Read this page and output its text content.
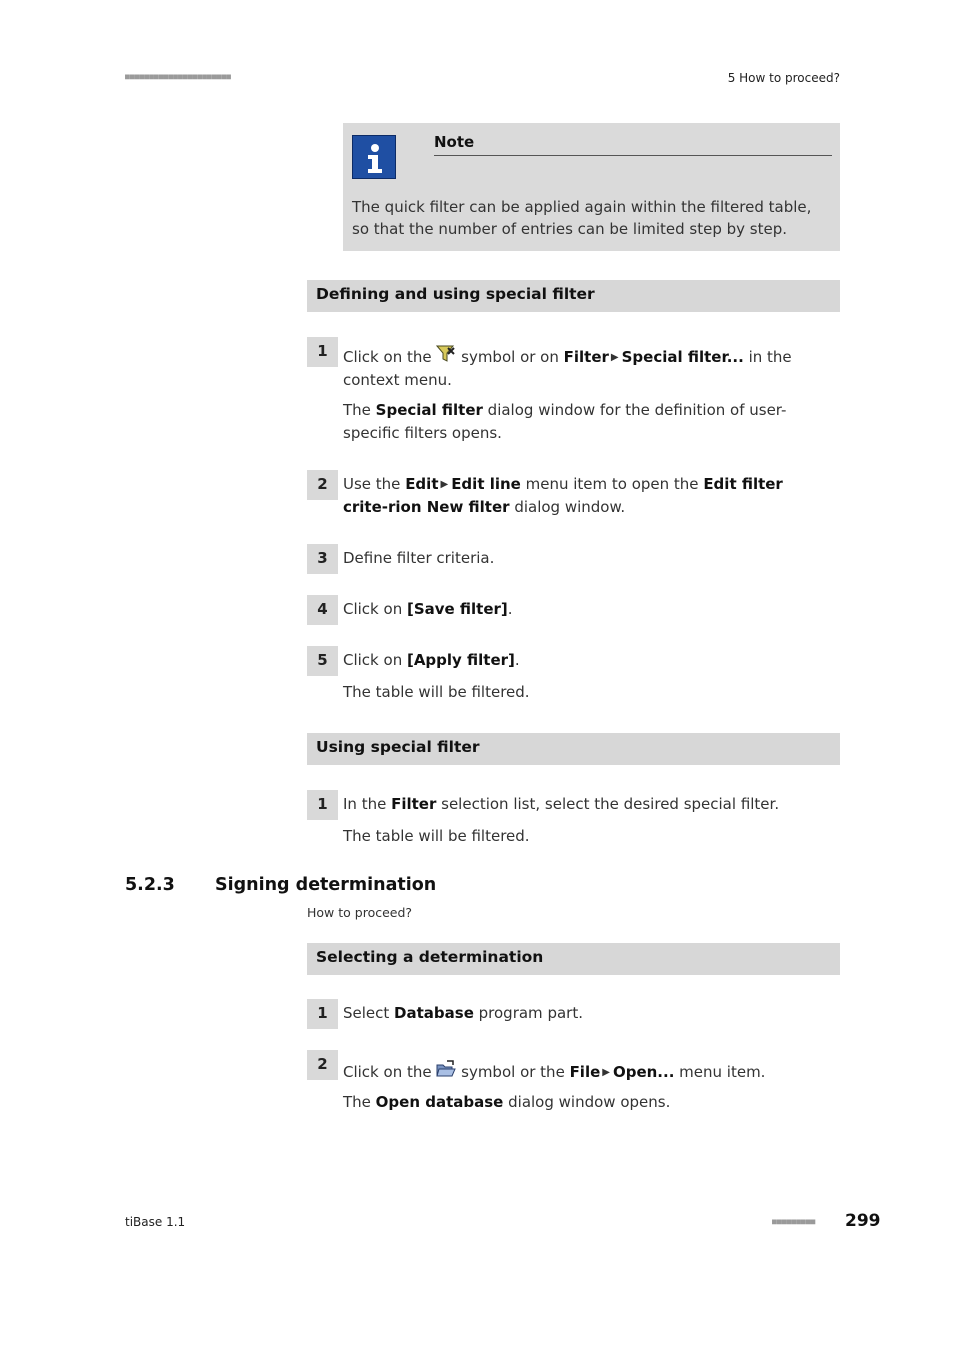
■■■■■■■■■■■■■■■■■■■■■■	5 How to proceed?
Note
The quick filter can be applied again within the filtered table, so that the number of entries can be limited step by step.
Defining and using special filter
1	Click on the  symbol or on Filter ▶ Special filter... in the context menu.
The Special filter dialog window for the definition of user-specific filters opens.
2	Use the Edit ▶ Edit line menu item to open the Edit filter crite-rion New filter dialog window.
3	Define filter criteria.
4	Click on [Save filter].
5	Click on [Apply filter].
The table will be filtered.
Using special filter
1	In the Filter selection list, select the desired special filter.
The table will be filtered.
5.2.3 Signing determination
How to proceed?
Selecting a determination
1	Select Database program part.
2	Click on the  symbol or the File ▶ Open... menu item.
The Open database dialog window opens.
tiBase 1.1	■■■■■■■■■ 299
